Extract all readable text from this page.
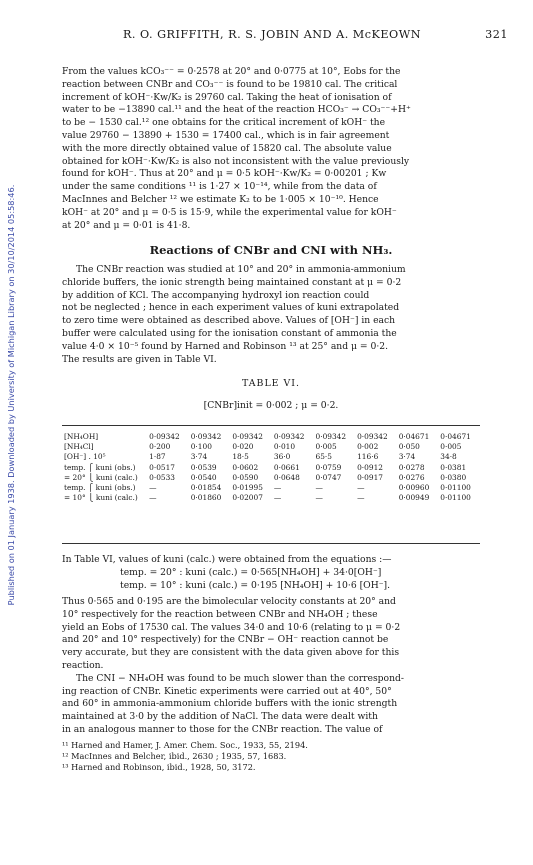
R. O. GRIFFITH, R. S. JOBIN AND A. McKEOWN	321
Published on 01 January 1938. Downloaded by University of Michigan Library on 30/10/2014 05:58:46.

From the values kCO₃⁻⁻ = 0·2578 at 20° and 0·0775 at 10°, Eobs for the

reaction between CNBr and CO₃⁻⁻ is found to be 19810 cal. The critical

increment of kOH⁻·Kw/K₂ is 29760 cal. Taking the heat of ionisation of

water to be −13890 cal.¹¹ and the heat of the reaction HCO₃⁻ → CO₃⁻⁻+H⁺

to be − 1530 cal.¹² one obtains for the critical increment of kOH⁻ the

value 29760 − 13890 + 1530 = 17400 cal., which is in fair agreement

with the more directly obtained value of 15820 cal. The absolute value

obtained for kOH⁻·Kw/K₂ is also not inconsistent with the value previously

found for kOH⁻. Thus at 20° and μ = 0·5 kOH⁻·Kw/K₂ = 0·00201 ; Kw

under the same conditions ¹¹ is 1·27 × 10⁻¹⁴, while from the data of

MacInnes and Belcher ¹² we estimate K₂ to be 1·005 × 10⁻¹⁰. Hence

kOH⁻ at 20° and μ = 0·5 is 15·9, while the experimental value for kOH⁻

at 20° and μ = 0·01 is 41·8.

Reactions of CNBr and CNI with NH₃.

The CNBr reaction was studied at 10° and 20° in ammonia-ammonium

chloride buffers, the ionic strength being maintained constant at μ = 0·2

by addition of KCl. The accompanying hydroxyl ion reaction could

not be neglected ; hence in each experiment values of kuni extrapolated

to zero time were obtained as described above. Values of [OH⁻] in each

buffer were calculated using for the ionisation constant of ammonia the

value 4·0 × 10⁻⁵ found by Harned and Robinson ¹³ at 25° and μ = 0·2.

The results are given in Table VI.

TABLE VI.
[CNBr]init = 0·002 ; μ = 0·2.
[NH₄OH]	0·09342	0·09342	0·09342	0·09342	0·09342	0·09342	0·04671	0·04671
[NH₄Cl]	0·200	0·100	0·020	0·010	0·005	0·002	0·050	0·005
[OH⁻] . 10⁵	1·87	3·74	18·5	36·0	65·5	116·6	3·74	34·8
temp. ⎧ kuni (obs.)	0·0517	0·0539	0·0602	0·0661	0·0759	0·0912	0·0278	0·0381
= 20° ⎩ kuni (calc.)	0·0533	0·0540	0·0590	0·0648	0·0747	0·0917	0·0276	0·0380
temp. ⎧ kuni (obs.)	—	0·01854	0·01995	—	—	—	0·00960	0·01100
= 10° ⎩ kuni (calc.)	—	0·01860	0·02007	—	—	—	0·00949	0·01100

In Table VI, values of kuni (calc.) were obtained from the equations :—

temp. = 20° : kuni (calc.) = 0·565[NH₄OH] + 34·0[OH⁻]

temp. = 10° : kuni (calc.) = 0·195 [NH₄OH] + 10·6 [OH⁻].

Thus 0·565 and 0·195 are the bimolecular velocity constants at 20° and

10° respectively for the reaction between CNBr and NH₄OH ; these

yield an Eobs of 17530 cal. The values 34·0 and 10·6 (relating to μ = 0·2

and 20° and 10° respectively) for the CNBr − OH⁻ reaction cannot be

very accurate, but they are consistent with the data given above for this

reaction.

The CNI − NH₄OH was found to be much slower than the correspond-

ing reaction of CNBr. Kinetic experiments were carried out at 40°, 50°

and 60° in ammonia-ammonium chloride buffers with the ionic strength

maintained at 3·0 by the addition of NaCl. The data were dealt with

in an analogous manner to those for the CNBr reaction. The value of

¹¹ Harned and Hamer, J. Amer. Chem. Soc., 1933, 55, 2194.

¹² MacInnes and Belcher, ibid., 2630 ; 1935, 57, 1683.

¹³ Harned and Robinson, ibid., 1928, 50, 3172.
